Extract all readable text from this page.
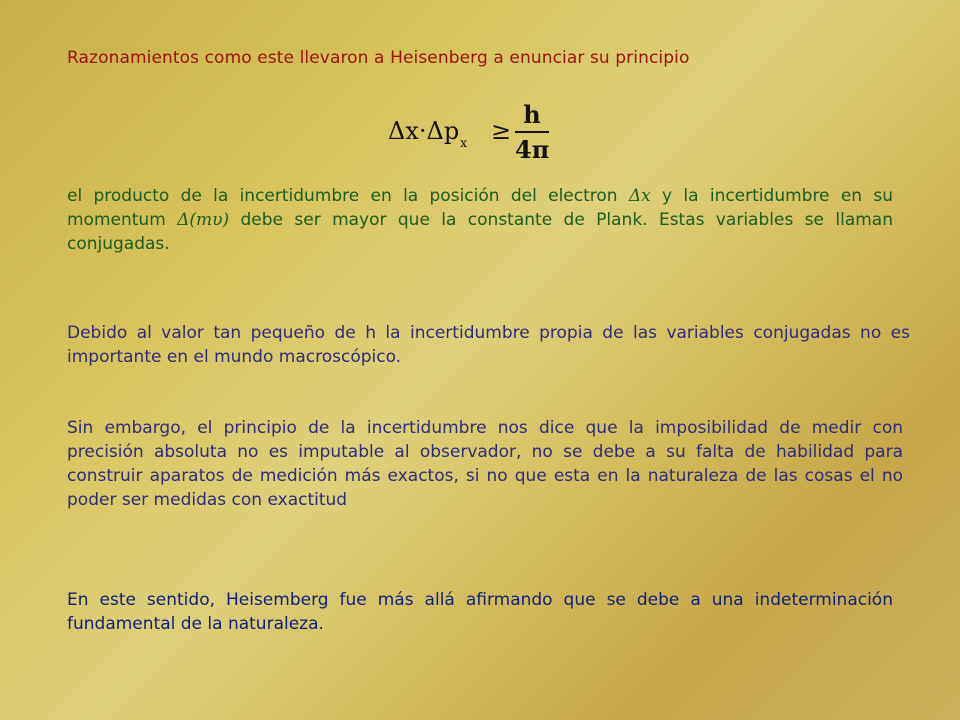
Razonamientos como este llevaron a Heisenberg a enunciar su principio
$\Delta x\cdot\Delta p_x$ ≥
h
4π

el producto de la incertidumbre en la posición del electron Δx y la incertidumbre en su momentum Δ(mυ) debe ser mayor que la constante de Plank. Estas variables se llaman conjugadas.

Debido al valor tan pequeño de h la incertidumbre propia de las variables conjugadas no es importante en el mundo macroscópico.

Sin embargo, el principio de la incertidumbre nos dice que la imposibilidad de medir con precisión absoluta no es imputable al observador, no se debe a su falta de habilidad para construir aparatos de medición más exactos, si no que esta en la naturaleza de las cosas el no poder ser medidas con exactitud

En este sentido, Heisemberg fue más allá afirmando que se debe a una indeterminación fundamental de la naturaleza.
